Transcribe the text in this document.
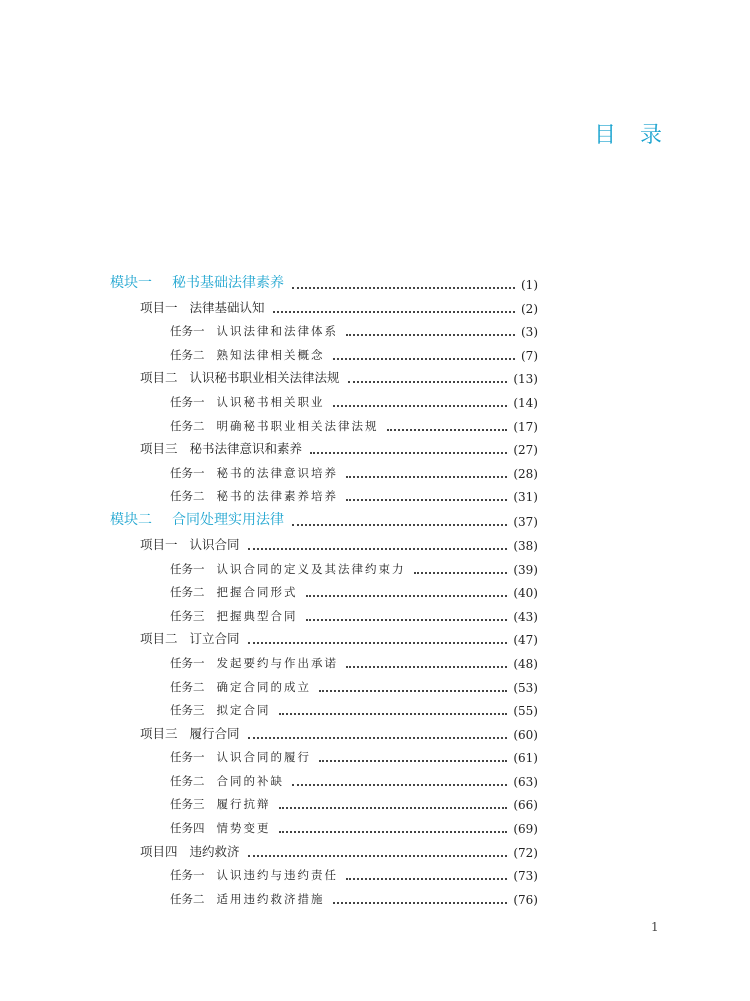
目 录
模块一 秘书基础法律素养	(1)
项目一 法律基础认知	(2)
任务一 认识法律和法律体系	(3)
任务二 熟知法律相关概念	(7)
项目二 认识秘书职业相关法律法规	(13)
任务一 认识秘书相关职业	(14)
任务二 明确秘书职业相关法律法规	(17)
项目三 秘书法律意识和素养	(27)
任务一 秘书的法律意识培养	(28)
任务二 秘书的法律素养培养	(31)
模块二 合同处理实用法律	(37)
项目一 认识合同	(38)
任务一 认识合同的定义及其法律约束力	(39)
任务二 把握合同形式	(40)
任务三 把握典型合同	(43)
项目二 订立合同	(47)
任务一 发起要约与作出承诺	(48)
任务二 确定合同的成立	(53)
任务三 拟定合同	(55)
项目三 履行合同	(60)
任务一 认识合同的履行	(61)
任务二 合同的补缺	(63)
任务三 履行抗辩	(66)
任务四 情势变更	(69)
项目四 违约救济	(72)
任务一 认识违约与违约责任	(73)
任务二 适用违约救济措施	(76)
1
